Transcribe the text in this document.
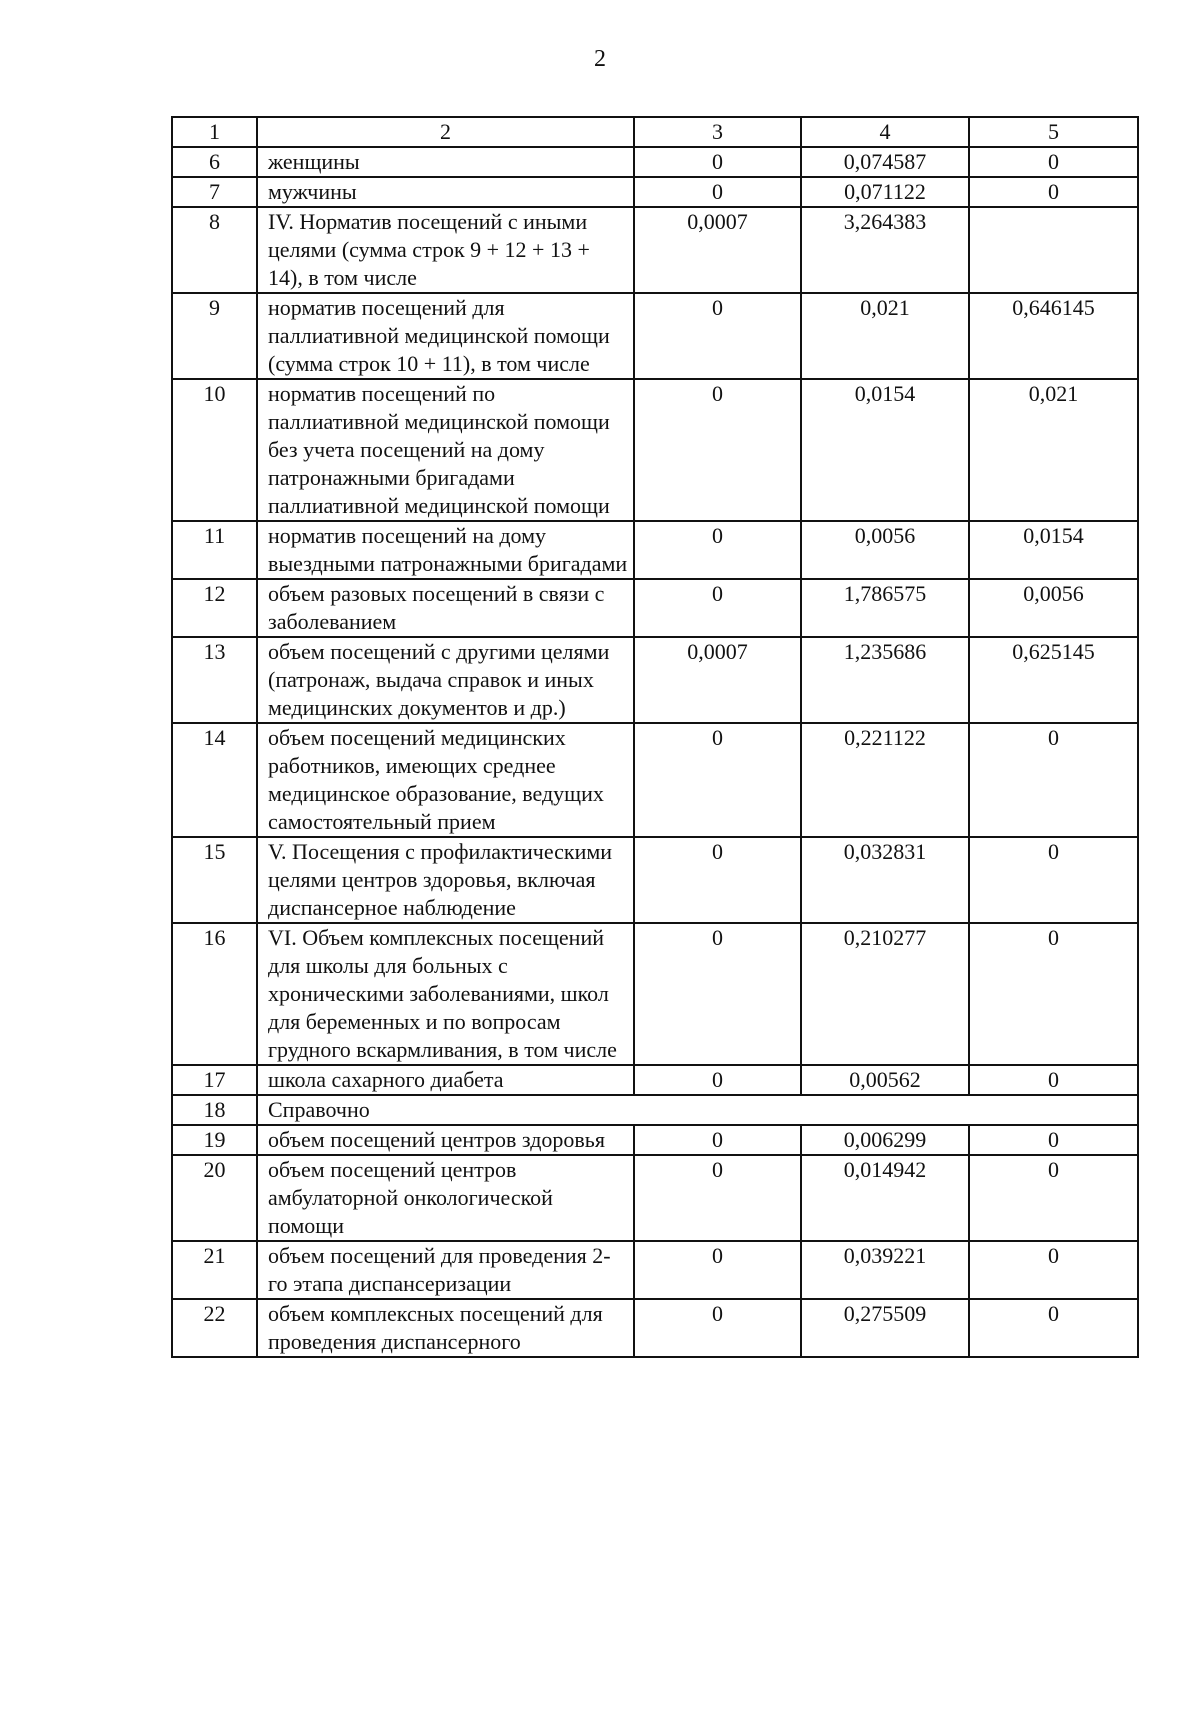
2
1	2	3	4	5
6	женщины	0	0,074587	0
7	мужчины	0	0,071122	0
8	IV. Норматив посещений с иными целями (сумма строк 9 + 12 + 13 + 14), в том числе	0,0007	3,264383	
9	норматив посещений для паллиативной медицинской помощи (сумма строк 10 + 11), в том числе	0	0,021	0,646145
10	норматив посещений по паллиативной медицинской помощи без учета посещений на дому патронажными бригадами паллиативной медицинской помощи	0	0,0154	0,021
11	норматив посещений на дому выездными патронажными бригадами	0	0,0056	0,0154
12	объем разовых посещений в связи с заболеванием	0	1,786575	0,0056
13	объем посещений с другими целями (патронаж, выдача справок и иных медицинских документов и др.)	0,0007	1,235686	0,625145
14	объем посещений медицинских работников, имеющих среднее медицинское образование, ведущих самостоятельный прием	0	0,221122	0
15	V. Посещения с профилактическими целями центров здоровья, включая диспансерное наблюдение	0	0,032831	0
16	VI. Объем комплексных посещений для школы для больных с хроническими заболеваниями, школ для беременных и по вопросам грудного вскармливания, в том числе	0	0,210277	0
17	школа сахарного диабета	0	0,00562	0
18	Справочно			
19	объем посещений центров здоровья	0	0,006299	0
20	объем посещений центров амбулаторной онкологической помощи	0	0,014942	0
21	объем посещений для проведения 2-го этапа диспансеризации	0	0,039221	0
22	объем комплексных посещений для проведения диспансерного	0	0,275509	0
